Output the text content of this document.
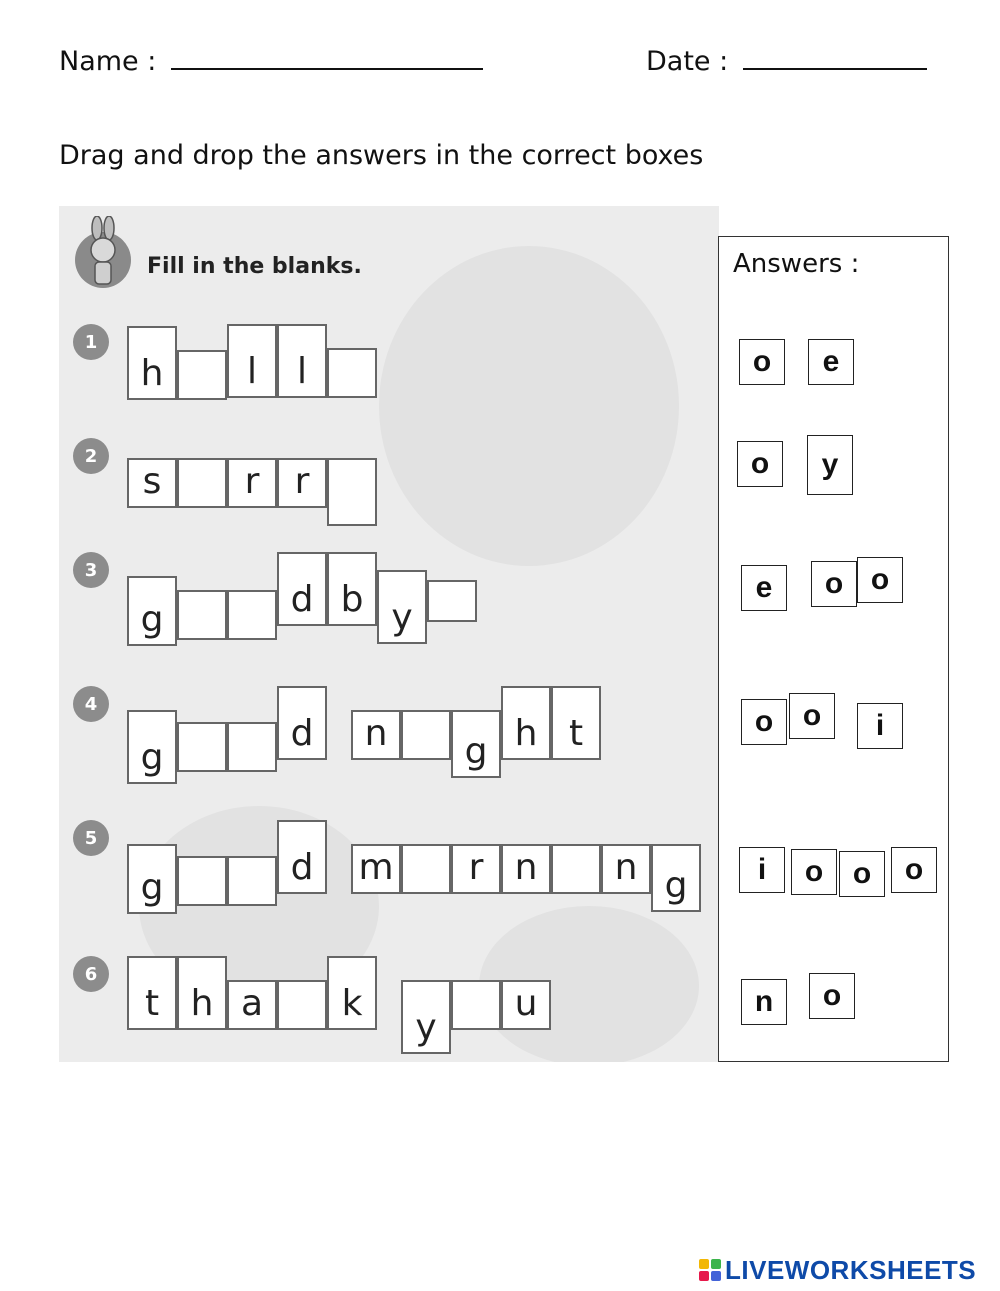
Name :	Date :
Drag and drop the answers in the correct boxes
Fill in the blanks.
1
h	l	l
2
s	r r
3
g	d b y
4
g
d	n	g h t
5
g	d	m	r n	n g
6
t h a	k
y
u
Answers :
o	e
o	y
e	o o
o o	i
i	o o	o
n	o
LIVEWORKSHEETS
